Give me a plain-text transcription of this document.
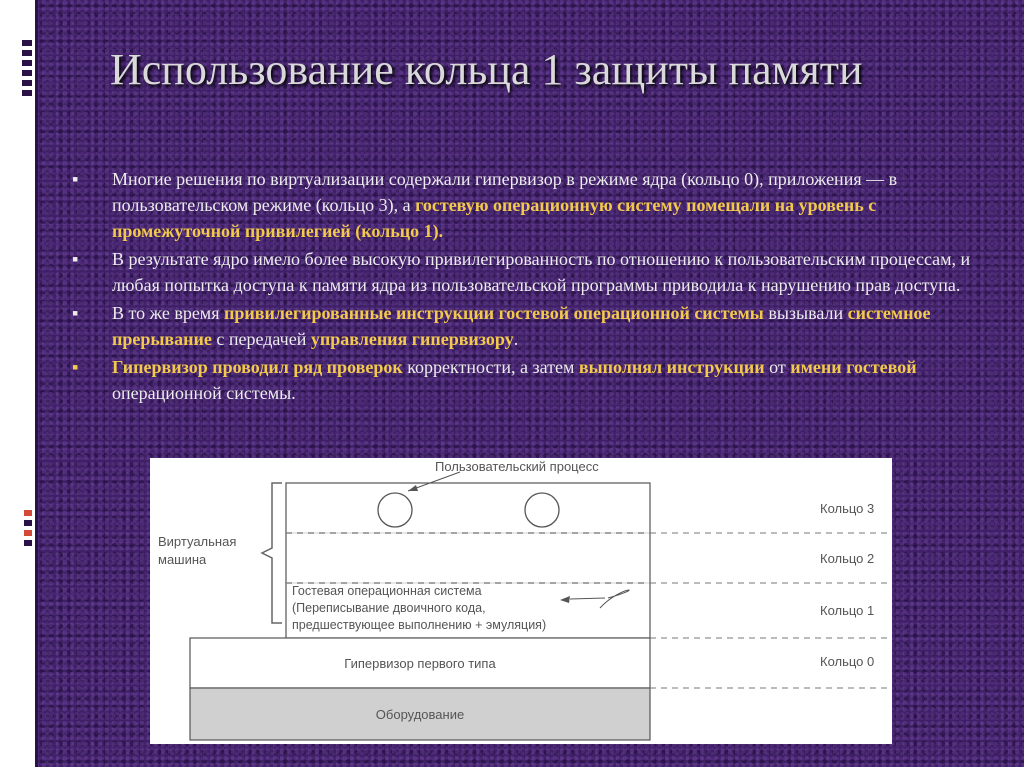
Использование кольца 1 защиты памяти
▪	Многие решения по виртуализации содержали гипервизор в режиме ядра (кольцо 0), приложения — в пользовательском режиме (кольцо 3), а гостевую операционную систему помещали на уровень с промежуточной привилегией (кольцо 1).
▪	В результате ядро имело более высокую привилегированность по отношению к пользовательским процессам, и любая попытка доступа к памяти ядра из пользовательской программы приводила к нарушению прав доступа.
▪	В то же время привилегированные инструкции гостевой операционной системы вызывали системное прерывание с передачей управления гипервизору.
▪	Гипервизор проводил ряд проверок корректности, а затем выполнял инструкции от имени гостевой операционной системы.
Пользовательский процесс
Виртуальная
машина
Гостевая операционная система
(Переписывание двоичного кода,
предшествующее выполнению + эмуляция)
Гипервизор первого типа
Оборудование
Кольцо 3
Кольцо 2
Кольцо 1
Кольцо 0
